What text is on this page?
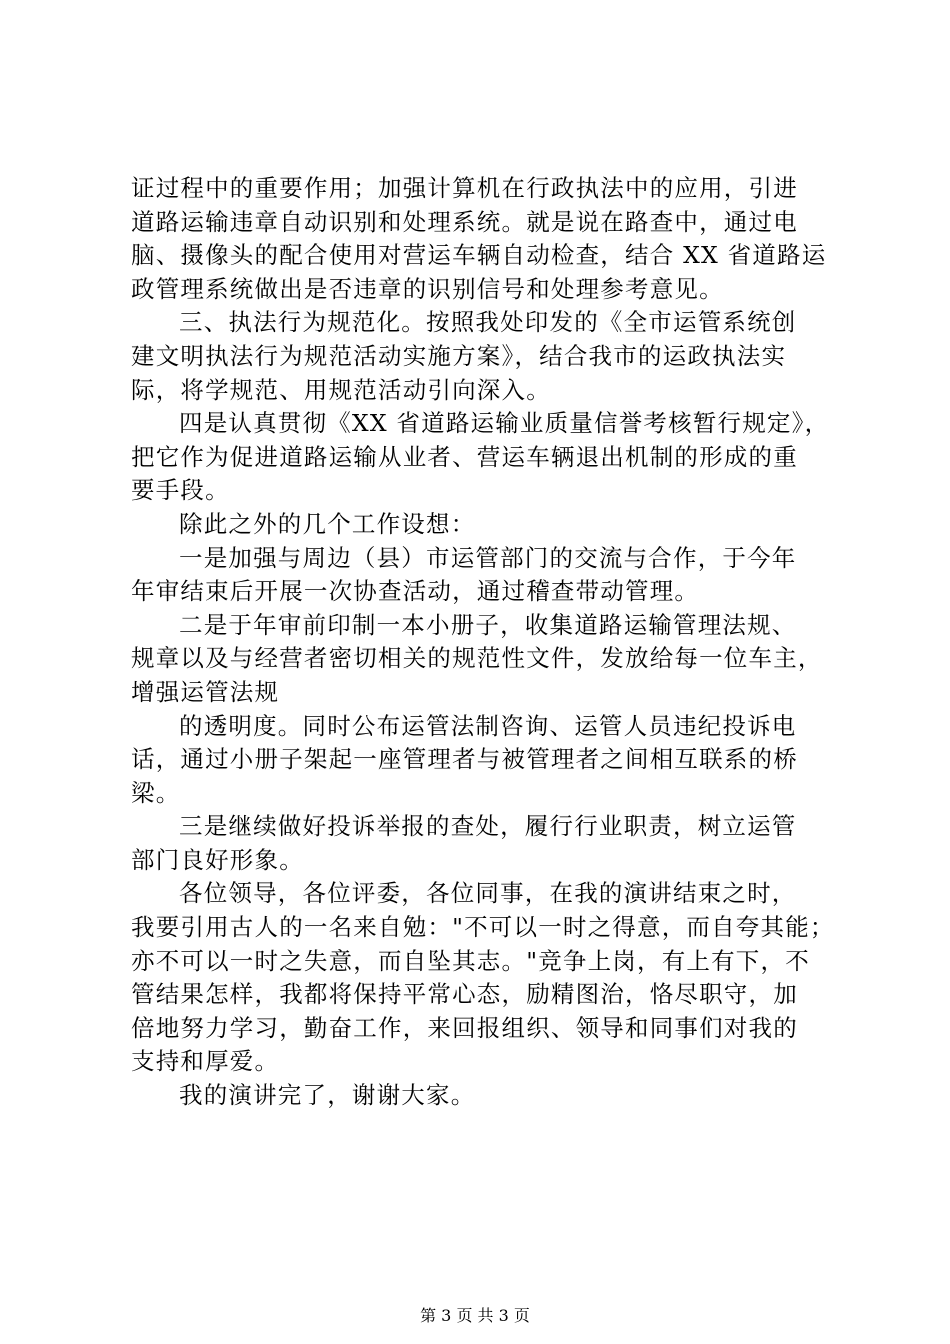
证过程中的重要作用；加强计算机在行政执法中的应用，引进
道路运输违章自动识别和处理系统。就是说在路查中，通过电
脑、摄像头的配合使用对营运车辆自动检查，结合 XX 省道路运
政管理系统做出是否违章的识别信号和处理参考意见。
三、执法行为规范化。按照我处印发的《全市运管系统创
建文明执法行为规范活动实施方案》，结合我市的运政执法实
际，将学规范、用规范活动引向深入。
四是认真贯彻《XX 省道路运输业质量信誉考核暂行规定》，
把它作为促进道路运输从业者、营运车辆退出机制的形成的重
要手段。
除此之外的几个工作设想：
一是加强与周边（县）市运管部门的交流与合作，于今年
年审结束后开展一次协查活动，通过稽查带动管理。
二是于年审前印制一本小册子，收集道路运输管理法规、
规章以及与经营者密切相关的规范性文件，发放给每一位车主，
增强运管法规
的透明度。同时公布运管法制咨询、运管人员违纪投诉电
话，通过小册子架起一座管理者与被管理者之间相互联系的桥
梁。
三是继续做好投诉举报的查处，履行行业职责，树立运管
部门良好形象。
各位领导，各位评委，各位同事，在我的演讲结束之时，
我要引用古人的一名来自勉："不可以一时之得意，而自夸其能；
亦不可以一时之失意，而自坠其志。"竞争上岗，有上有下，不
管结果怎样，我都将保持平常心态，励精图治，恪尽职守，加
倍地努力学习，勤奋工作，来回报组织、领导和同事们对我的
支持和厚爱。
我的演讲完了，谢谢大家。
第 3 页 共 3 页
